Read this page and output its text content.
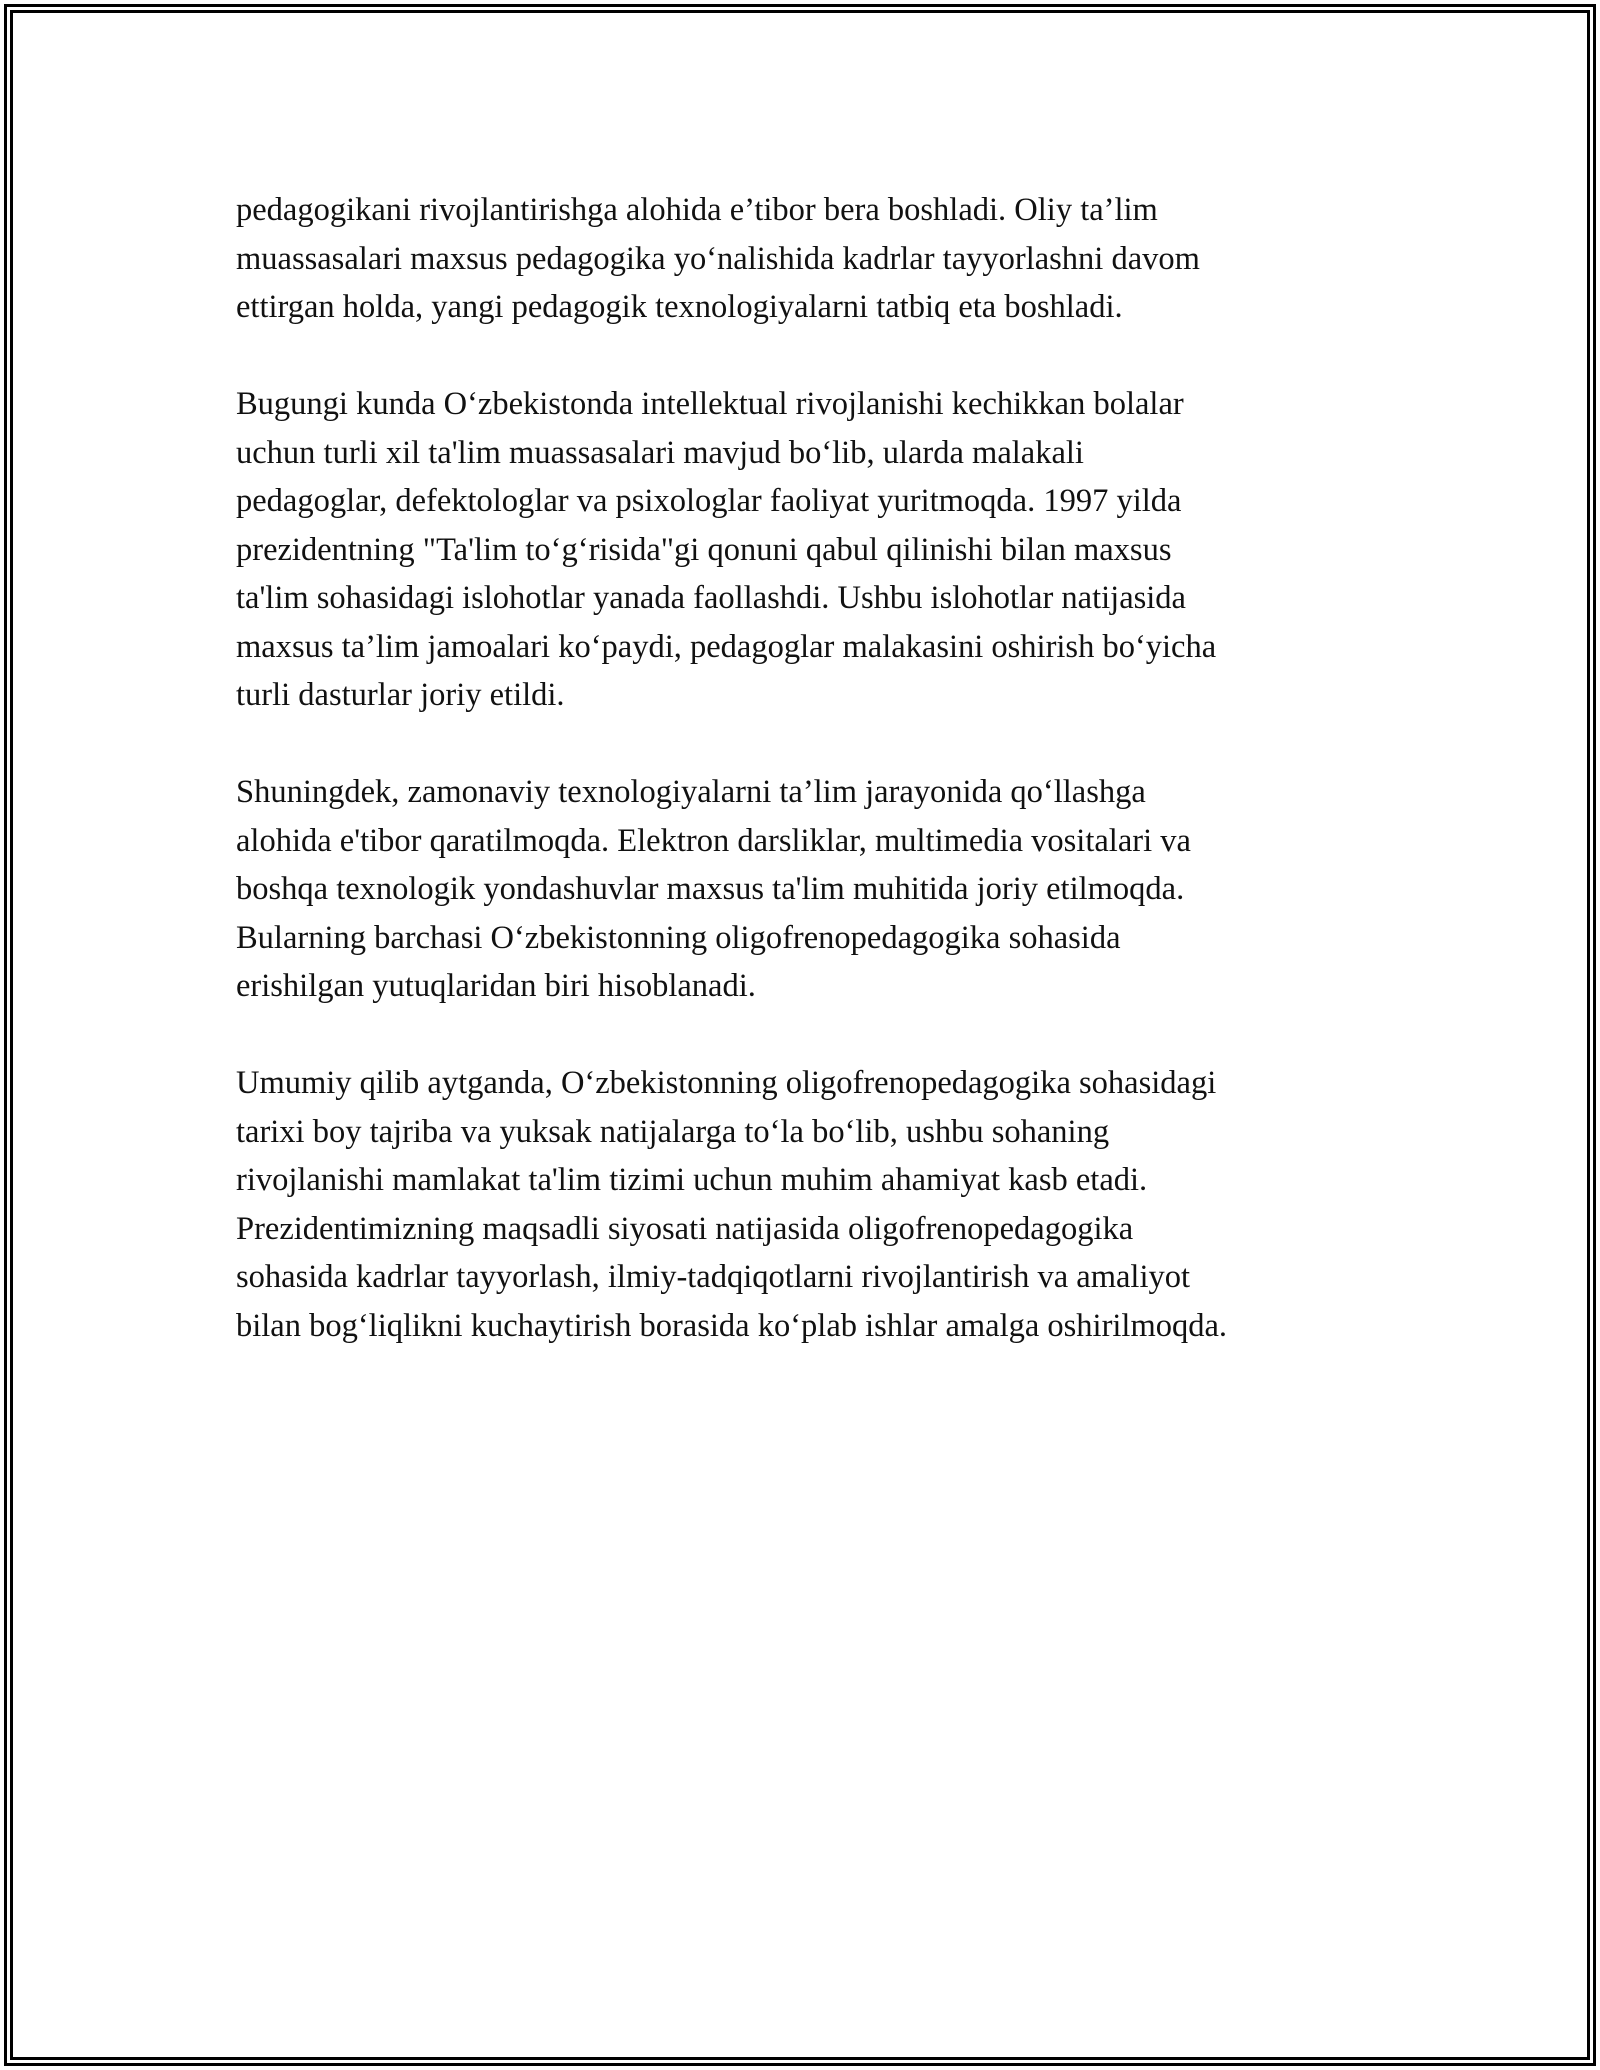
pedagogikani rivojlantirishga alohida e’tibor bera boshladi. Oliy ta’lim
muassasalari maxsus pedagogika yo‘nalishida kadrlar tayyorlashni davom
ettirgan holda, yangi pedagogik texnologiyalarni tatbiq eta boshladi.

Bugungi kunda O‘zbekistonda intellektual rivojlanishi kechikkan bolalar
uchun turli xil ta'lim muassasalari mavjud bo‘lib, ularda malakali
pedagoglar, defektologlar va psixologlar faoliyat yuritmoqda. 1997 yilda
prezidentning "Ta'lim to‘g‘risida"gi qonuni qabul qilinishi bilan maxsus
ta'lim sohasidagi islohotlar yanada faollashdi. Ushbu islohotlar natijasida
maxsus ta’lim jamoalari ko‘paydi, pedagoglar malakasini oshirish bo‘yicha
turli dasturlar joriy etildi.

Shuningdek, zamonaviy texnologiyalarni ta’lim jarayonida qo‘llashga
alohida e'tibor qaratilmoqda. Elektron darsliklar, multimedia vositalari va
boshqa texnologik yondashuvlar maxsus ta'lim muhitida joriy etilmoqda.
Bularning barchasi O‘zbekistonning oligofrenopedagogika sohasida
erishilgan yutuqlaridan biri hisoblanadi.

Umumiy qilib aytganda, O‘zbekistonning oligofrenopedagogika sohasidagi
tarixi boy tajriba va yuksak natijalarga to‘la bo‘lib, ushbu sohaning
rivojlanishi mamlakat ta'lim tizimi uchun muhim ahamiyat kasb etadi.
Prezidentimizning maqsadli siyosati natijasida oligofrenopedagogika
sohasida kadrlar tayyorlash, ilmiy-tadqiqotlarni rivojlantirish va amaliyot
bilan bog‘liqlikni kuchaytirish borasida ko‘plab ishlar amalga oshirilmoqda.
